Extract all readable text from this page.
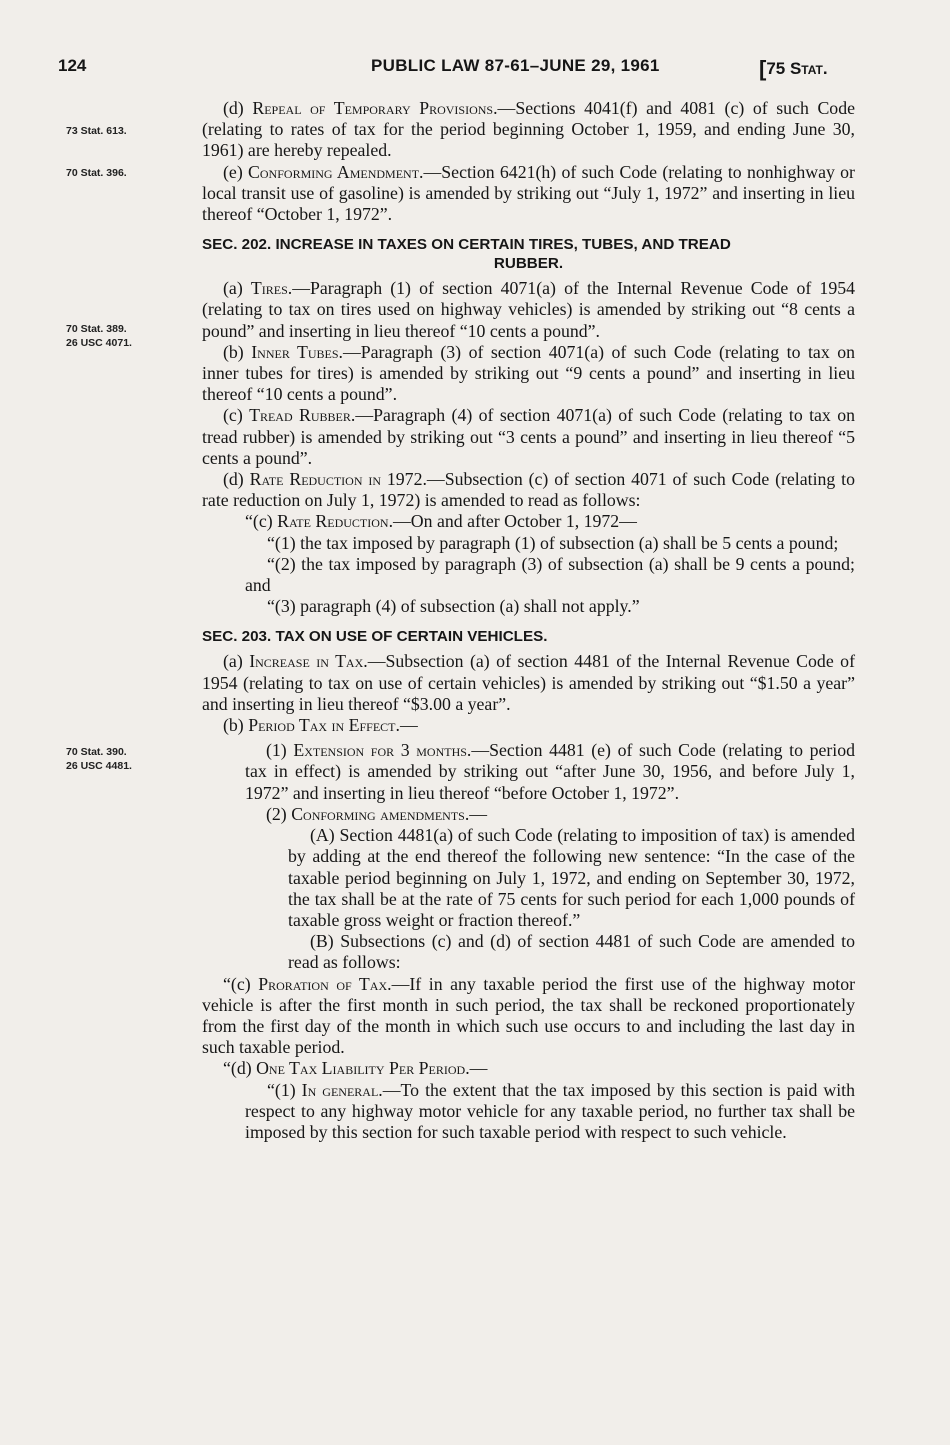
124	PUBLIC LAW 87-61–JUNE 29, 1961	[75 Stat.
73 Stat. 613.
70 Stat. 396.
70 Stat. 389.
26 USC 4071.
70 Stat. 390.
26 USC 4481.

(d) Repeal of Temporary Provisions.—Sections 4041(f) and 4081 (c) of such Code (relating to rates of tax for the period beginning October 1, 1959, and ending June 30, 1961) are hereby repealed.

(e) Conforming Amendment.—Section 6421(h) of such Code (relating to nonhighway or local transit use of gasoline) is amended by striking out “July 1, 1972” and inserting in lieu thereof “October 1, 1972”.

SEC. 202. INCREASE IN TAXES ON CERTAIN TIRES, TUBES, AND TREAD
RUBBER.

(a) Tires.—Paragraph (1) of section 4071(a) of the Internal Revenue Code of 1954 (relating to tax on tires used on highway vehicles) is amended by striking out “8 cents a pound” and inserting in lieu thereof “10 cents a pound”.

(b) Inner Tubes.—Paragraph (3) of section 4071(a) of such Code (relating to tax on inner tubes for tires) is amended by striking out “9 cents a pound” and inserting in lieu thereof “10 cents a pound”.

(c) Tread Rubber.—Paragraph (4) of section 4071(a) of such Code (relating to tax on tread rubber) is amended by striking out “3 cents a pound” and inserting in lieu thereof “5 cents a pound”.

(d) Rate Reduction in 1972.—Subsection (c) of section 4071 of such Code (relating to rate reduction on July 1, 1972) is amended to read as follows:

“(c) Rate Reduction.—On and after October 1, 1972—

“(1) the tax imposed by paragraph (1) of subsection (a) shall be 5 cents a pound;

“(2) the tax imposed by paragraph (3) of subsection (a) shall be 9 cents a pound; and

“(3) paragraph (4) of subsection (a) shall not apply.”

SEC. 203. TAX ON USE OF CERTAIN VEHICLES.

(a) Increase in Tax.—Subsection (a) of section 4481 of the Internal Revenue Code of 1954 (relating to tax on use of certain vehicles) is amended by striking out “$1.50 a year” and inserting in lieu thereof “$3.00 a year”.

(b) Period Tax in Effect.—

(1) Extension for 3 months.—Section 4481 (e) of such Code (relating to period tax in effect) is amended by striking out “after June 30, 1956, and before July 1, 1972” and inserting in lieu thereof “before October 1, 1972”.

(2) Conforming amendments.—

(A) Section 4481(a) of such Code (relating to imposition of tax) is amended by adding at the end thereof the following new sentence: “In the case of the taxable period beginning on July 1, 1972, and ending on September 30, 1972, the tax shall be at the rate of 75 cents for such period for each 1,000 pounds of taxable gross weight or fraction thereof.”

(B) Subsections (c) and (d) of section 4481 of such Code are amended to read as follows:

“(c) Proration of Tax.—If in any taxable period the first use of the highway motor vehicle is after the first month in such period, the tax shall be reckoned proportionately from the first day of the month in which such use occurs to and including the last day in such taxable period.

“(d) One Tax Liability Per Period.—

“(1) In general.—To the extent that the tax imposed by this section is paid with respect to any highway motor vehicle for any taxable period, no further tax shall be imposed by this section for such taxable period with respect to such vehicle.
